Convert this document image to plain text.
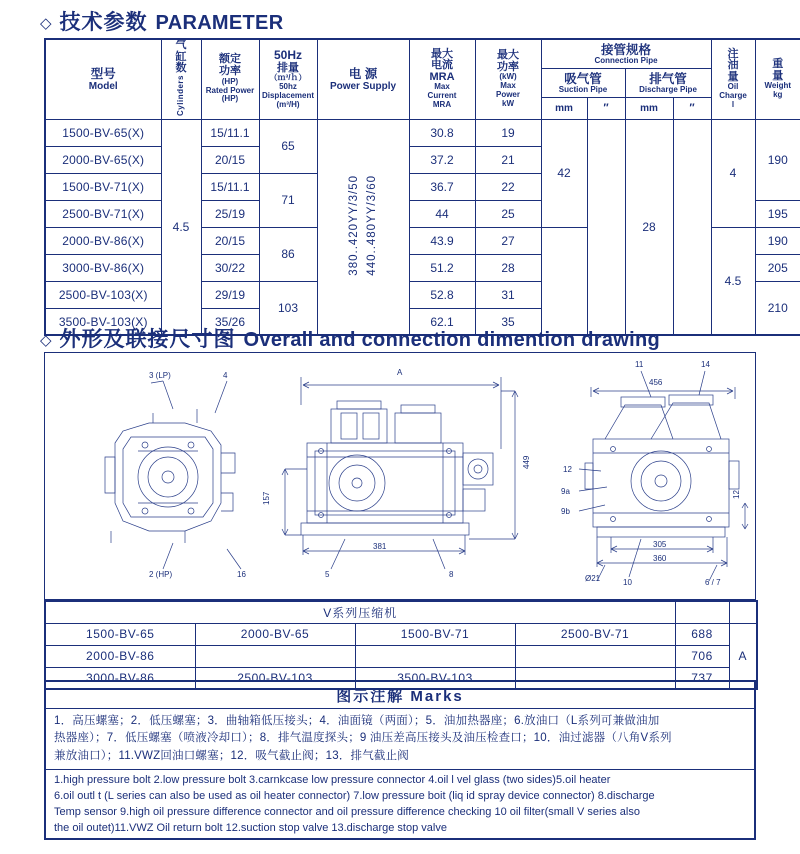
◇ 技术参数 PARAMETER
型号
Model

气
缸
数
Cylinders	
额定
功率
(HP)
Rated Power
(HP)

50Hz
排量
（ｍ³/ｈ）
50hz
Displacement
(m³/H)

电 源
Power Supply

最大
电流
MRA
Max
Current
MRA

最大
功率
(kW)
Max
Power
kW

接管规格
Connection Pipe

注
油
量
Oil
Charge
l

重
量
Weight
kg

							吸气管
Suction Pipe		排气管
Discharge Pipe			

							mm	″	mm	″		
1500-BV-65(X)	4.5	15/11.1	65	380..420YY/3/50 440..480YY/3/60	30.8	19	42		28		4	190
2000-BV-65(X)		20/15			37.2	21						
1500-BV-71(X)		15/11.1	71		36.7	22						
2500-BV-71(X)		25/19			44	25						195
2000-BV-86(X)		20/15	86		43.9	27					4.5	190
3000-BV-86(X)		30/22			51.2	28						205
2500-BV-103(X)		29/19	103		52.8	31						210
3500-BV-103(X)		35/26			62.1	35						
◇ 外形及联接尺寸图 Overall and connection dimention drawing
3 (LP)	4
2 (HP)	16
A
157
449
381
5	8
11	14
456
12
9a
9b
12
305
360
Ø21	10	6 / 7
V系列压缩机					
1500-BV-65	2000-BV-65	1500-BV-71	2500-BV-71	688	A
2000-BV-86				706	
3000-BV-86	2500-BV-103	3500-BV-103		737	
图示注解 Marks
1．高压螺塞；2．低压螺塞；3．曲轴箱低压接头；4．油面镜（两面）；5．油加热器座；6.放油口（L系列可兼做油加
热器座）；7．低压螺塞（喷液冷却口）；8．排气温度探头；9 油压差高压接头及油压检查口；10．油过滤器（八角V系列
兼放油口）；11.VWZ回油口螺塞；12．吸气截止阀；13．排气截止阀
1.high pressure bolt 2.low pressure bolt 3.carnkcase low pressure connector 4.oil l vel glass (two sides)5.oil heater
6.oil outl t (L series can also be used as oil heater connector) 7.low pressure boit (liq id spray device connector) 8.discharge
Temp sensor 9.high oil pressure difference connector and oil pressure difference checking 10 oil filter(small V series also
the oil outet)11.VWZ Oil return bolt 12.suction stop valve 13.discharge stop valve
